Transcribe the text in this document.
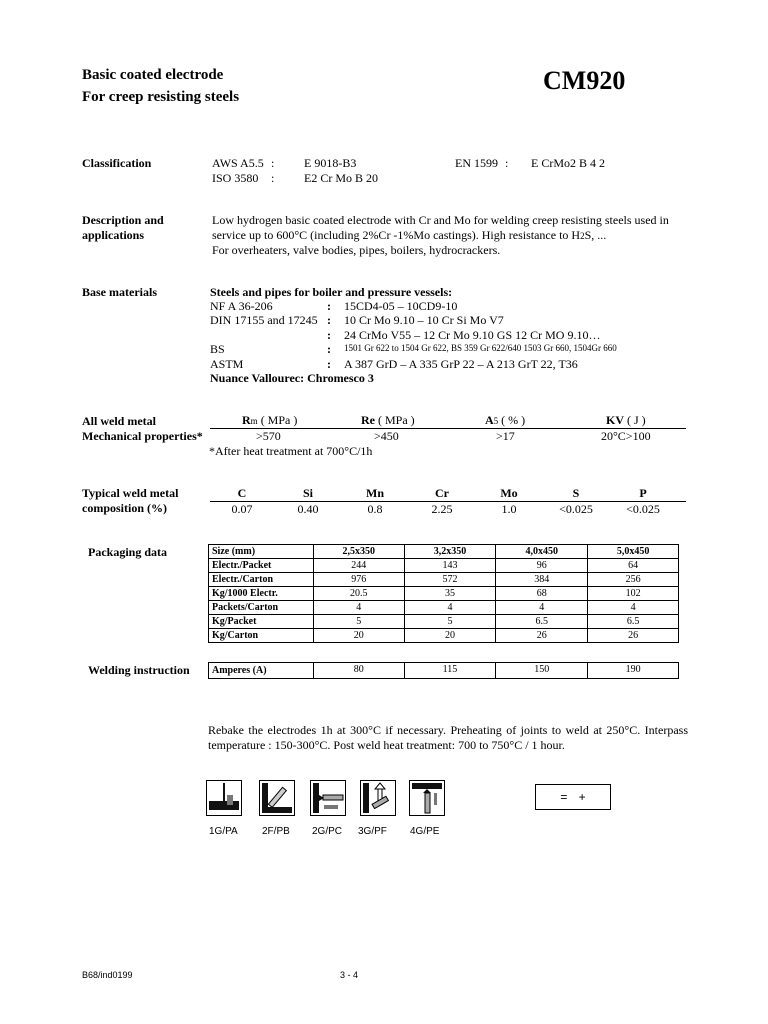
Basic coated electrode
For creep resisting steels
CM920
Classification	AWS A5.5 : E 9018-B3
ISO 3580 : E2 Cr Mo B 20
EN 1599 : E CrMo2 B 4 2
Description and
applications
Low hydrogen basic coated electrode with Cr and Mo for welding creep resisting steels used in
service up to 600°C (including 2%Cr -1%Mo castings). High resistance to H2S, ...
For overheaters, valve bodies, pipes, boilers, hydrocrackers.
Base materials	Steels and pipes for boiler and pressure vessels:
NF A 36-206	: 15CD4-05 – 10CD9-10
DIN 17155 and 17245 : 10 Cr Mo 9.10 – 10 Cr Si Mo V7
: 24 CrMo V55 – 12 Cr Mo 9.10 GS 12 Cr MO 9.10…
BS	: 1501 Gr 622 to 1504 Gr 622, BS 359 Gr 622/640 1503 Gr 660, 1504Gr 660
ASTM	: A 387 GrD – A 335 GrP 22 – A 213 GrT 22, T36
Nuance Vallourec: Chromesco 3
All weld metal
Mechanical properties*
Rm ( MPa )	Re ( MPa )	A5 ( % )	KV ( J )
>570	>450	>17	20°C>100
*After heat treatment at 700°C/1h
Typical weld metal
composition (%)
C	Si	Mn	Cr	Mo	S	P
0.07	0.40	0.8	2.25	1.0	<0.025	<0.025
Packaging data	Size (mm)	2,5x350	3,2x350	4,0x450	5,0x450
Electr./Packet	244	143	96	64
Electr./Carton	976	572	384	256
Kg/1000 Electr.	20.5	35	68	102
Packets/Carton	4	4	4	4
Kg/Packet	5	5	6.5	6.5
Kg/Carton	20	20	26	26
Welding instruction Amperes (A)	80	115	150	190
Rebake the electrodes 1h at 300°C if necessary. Preheating of joints to weld at 250°C. Interpass
temperature : 150-300°C. Post weld heat treatment: 700 to 750°C / 1 hour.
1G/PA 2F/PB 2G/PC 3G/PF 4G/PE
= +
B68/ind0199	3 - 4
